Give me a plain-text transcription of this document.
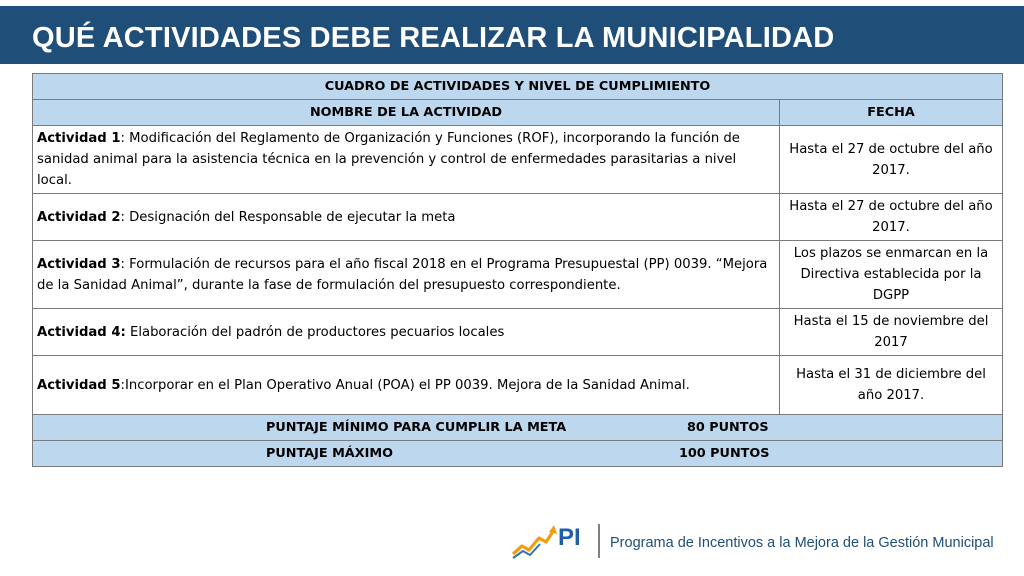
QUÉ ACTIVIDADES DEBE REALIZAR LA MUNICIPALIDAD
CUADRO DE ACTIVIDADES Y NIVEL DE CUMPLIMIENTO	
NOMBRE DE LA ACTIVIDAD	FECHA
Actividad 1: Modificación del Reglamento de Organización y Funciones (ROF), incorporando la función de sanidad animal para la asistencia técnica en la prevención y control de enfermedades parasitarias a nivel local.	Hasta el 27 de octubre del año 2017.
Actividad 2: Designación del Responsable de ejecutar la meta	Hasta el 27 de octubre del año 2017.
Actividad 3: Formulación de recursos para el año fiscal 2018 en el Programa Presupuestal (PP) 0039. “Mejora de la Sanidad Animal”, durante la fase de formulación del presupuesto correspondiente.	Los plazos se enmarcan en la Directiva establecida por la DGPP
Actividad 4: Elaboración del padrón de productores pecuarios locales	Hasta el 15 de noviembre del 2017
Actividad 5:Incorporar en el Plan Operativo Anual (POA) el PP 0039. Mejora de la Sanidad Animal.	Hasta el 31 de diciembre del año 2017.

PUNTAJE MÍNIMO PARA CUMPLIR LA META 80 PUNTOS	

PUNTAJE MÁXIMO 100 PUNTOS	
PI Programa de Incentivos a la Mejora de la Gestión Municipal
